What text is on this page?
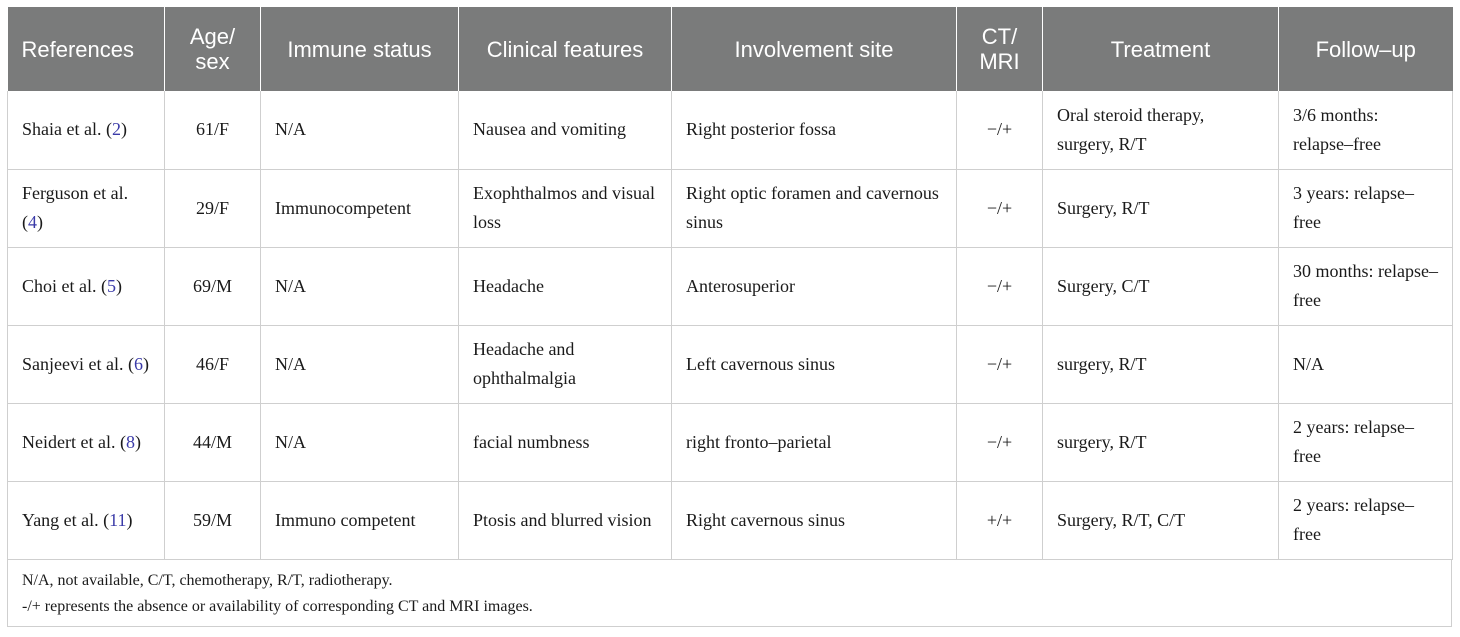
References	Age/ sex	Immune status	Clinical features	Involvement site	CT/ MRI	Treatment	Follow–up
Shaia et al. (2)	61/F	N/A	Nausea and vomiting	Right posterior fossa	−/+	Oral steroid therapy, surgery, R/T	3/6 months: relapse–free
Ferguson et al. (4)	29/F	Immunocompetent	Exophthalmos and visual loss	Right optic foramen and cavernous sinus	−/+	Surgery, R/T	3 years: relapse–free
Choi et al. (5)	69/M	N/A	Headache	Anterosuperior	−/+	Surgery, C/T	30 months: relapse–free
Sanjeevi et al. (6)	46/F	N/A	Headache and ophthalmalgia	Left cavernous sinus	−/+	surgery, R/T	N/A
Neidert et al. (8)	44/M	N/A	facial numbness	right fronto–parietal	−/+	surgery, R/T	2 years: relapse–free
Yang et al. (11)	59/M	Immuno competent	Ptosis and blurred vision	Right cavernous sinus	+/+	Surgery, R/T, C/T	2 years: relapse–free
N/A, not available, C/T, chemotherapy, R/T, radiotherapy.
-/+ represents the absence or availability of corresponding CT and MRI images.
